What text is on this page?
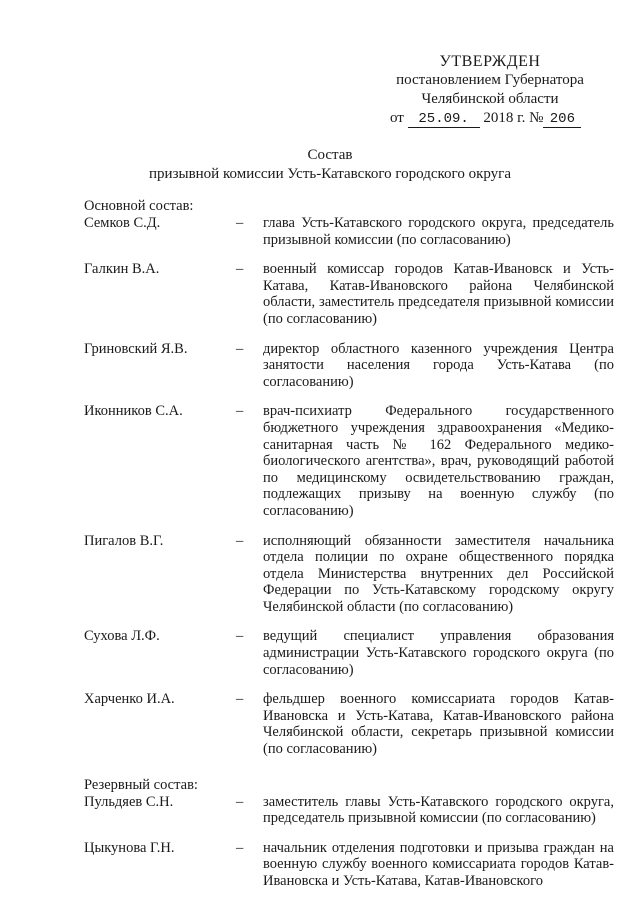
УТВЕРЖДЕН
постановлением Губернатора
Челябинской области
от 25.09. 2018 г. № 206
Состав
призывной комиссии Усть-Катавского городского округа
Основной состав:
Семков С.Д.	–	глава Усть-Катавского городского округа, председатель призывной комиссии (по согласованию)
Галкин В.А.	–	военный комиссар городов Катав-Ивановск и Усть-Катава, Катав-Ивановского района Челябинской области, заместитель председателя призывной комиссии (по согласованию)
Гриновский Я.В.	–	директор областного казенного учреждения Центра занятости населения города Усть-Катава (по согласованию)
Иконников С.А.	–	врач-психиатр Федерального государственного бюджетного учреждения здравоохранения «Медико-санитарная часть № 162 Федерального медико-биологического агентства», врач, руководящий работой по медицинскому освидетельствованию граждан, подлежащих призыву на военную службу (по согласованию)
Пигалов В.Г.	–	исполняющий обязанности заместителя начальника отдела полиции по охране общественного порядка отдела Министерства внутренних дел Российской Федерации по Усть-Катавскому городскому округу Челябинской области (по согласованию)
Сухова Л.Ф.	–	ведущий специалист управления образования администрации Усть-Катавского городского округа (по согласованию)
Харченко И.А.	–	фельдшер военного комиссариата городов Катав-Ивановска и Усть-Катава, Катав-Ивановского района Челябинской области, секретарь призывной комиссии (по согласованию)
Резервный состав:
Пульдяев С.Н.	–	заместитель главы Усть-Катавского городского округа, председатель призывной комиссии (по согласованию)
Цыкунова Г.Н.	–	начальник отделения подготовки и призыва граждан на военную службу военного комиссариата городов Катав-Ивановска и Усть-Катава, Катав-Ивановского
